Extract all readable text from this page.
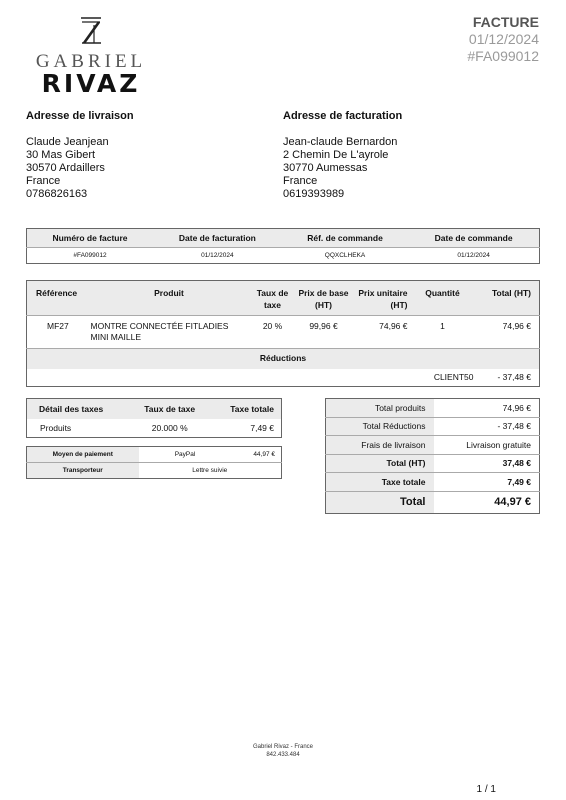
GABRIEL
RIVAZ
FACTURE
01/12/2024
#FA099012
Adresse de livraison
Claude Jeanjean
30 Mas Gibert
30570 Ardaillers
France
0786826163
Adresse de facturation
Jean-claude Bernardon
2 Chemin De L'ayrole
30770 Aumessas
France
0619393989
Numéro de facture	Date de facturation	Réf. de commande	Date de commande
#FA099012	01/12/2024	QQXCLHEKA	01/12/2024
Référence	Produit	Taux de taxe	Prix de base (HT)	Prix unitaire (HT)	Quantité	Total (HT)
MF27	MONTRE CONNECTÉE FITLADIES MINI MAILLE	20 %	99,96 €	74,96 €	1	74,96 €
Réductions						
					CLIENT50	- 37,48 €
Détail des taxes	Taux de taxe	Taxe totale
Produits	20.000 %	7,49 €
Moyen de paiement	PayPal	44,97 €
Transporteur	Lettre suivie	
Total produits	74,96 €
Total Réductions	- 37,48 €
Frais de livraison	Livraison gratuite
Total (HT)	37,48 €
Taxe totale	7,49 €
Total	44,97 €
Gabriel Rivaz - France
842.433.484
1 / 1
